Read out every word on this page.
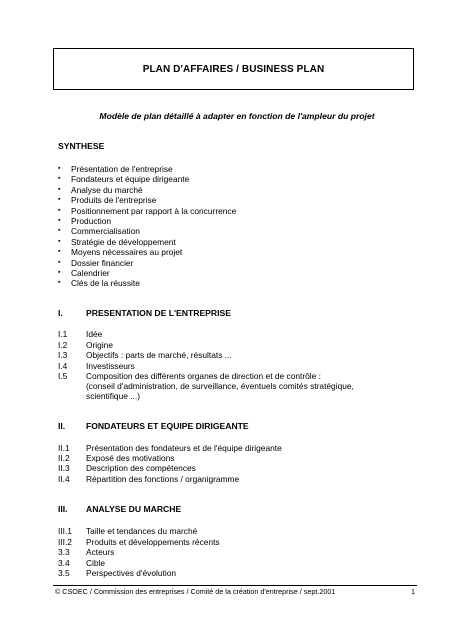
PLAN D'AFFAIRES / BUSINESS PLAN
Modèle de plan détaillé à adapter en fonction de l'ampleur du projet
SYNTHESE
▪ Présentation de l'entreprise
▪ Fondateurs et équipe dirigeante
▪ Analyse du marché
▪ Produits de l'entreprise
▪ Positionnement par rapport à la concurrence
▪ Production
▪ Commercialisation
▪ Stratégie de développement
▪ Moyens nécessaires au projet
▪ Dossier financier
▪ Calendrier
▪ Clés de la réussite
I.	PRESENTATION DE L'ENTREPRISE
I.1 Idée
I.2 Origine
I.3 Objectifs : parts de marché, résultats ...
I.4 Investisseurs
I.5 Composition des différents organes de direction et de contrôle :
(conseil d'administration, de surveillance, éventuels comités stratégique,
scientifique ...)
II. FONDATEURS ET EQUIPE DIRIGEANTE
II.1 Présentation des fondateurs et de l'équipe dirigeante
II.2 Exposé des motivations
II.3 Description des compétences
II.4 Répartition des fonctions / organigramme
III. ANALYSE DU MARCHE
III.1 Taille et tendances du marché
III.2 Produits et développements récents
3.3 Acteurs
3.4 Cible
3.5 Perspectives d'évolution
© CSOEC / Commission des entreprises / Comité de la création d'entreprise / sept.2001	1
